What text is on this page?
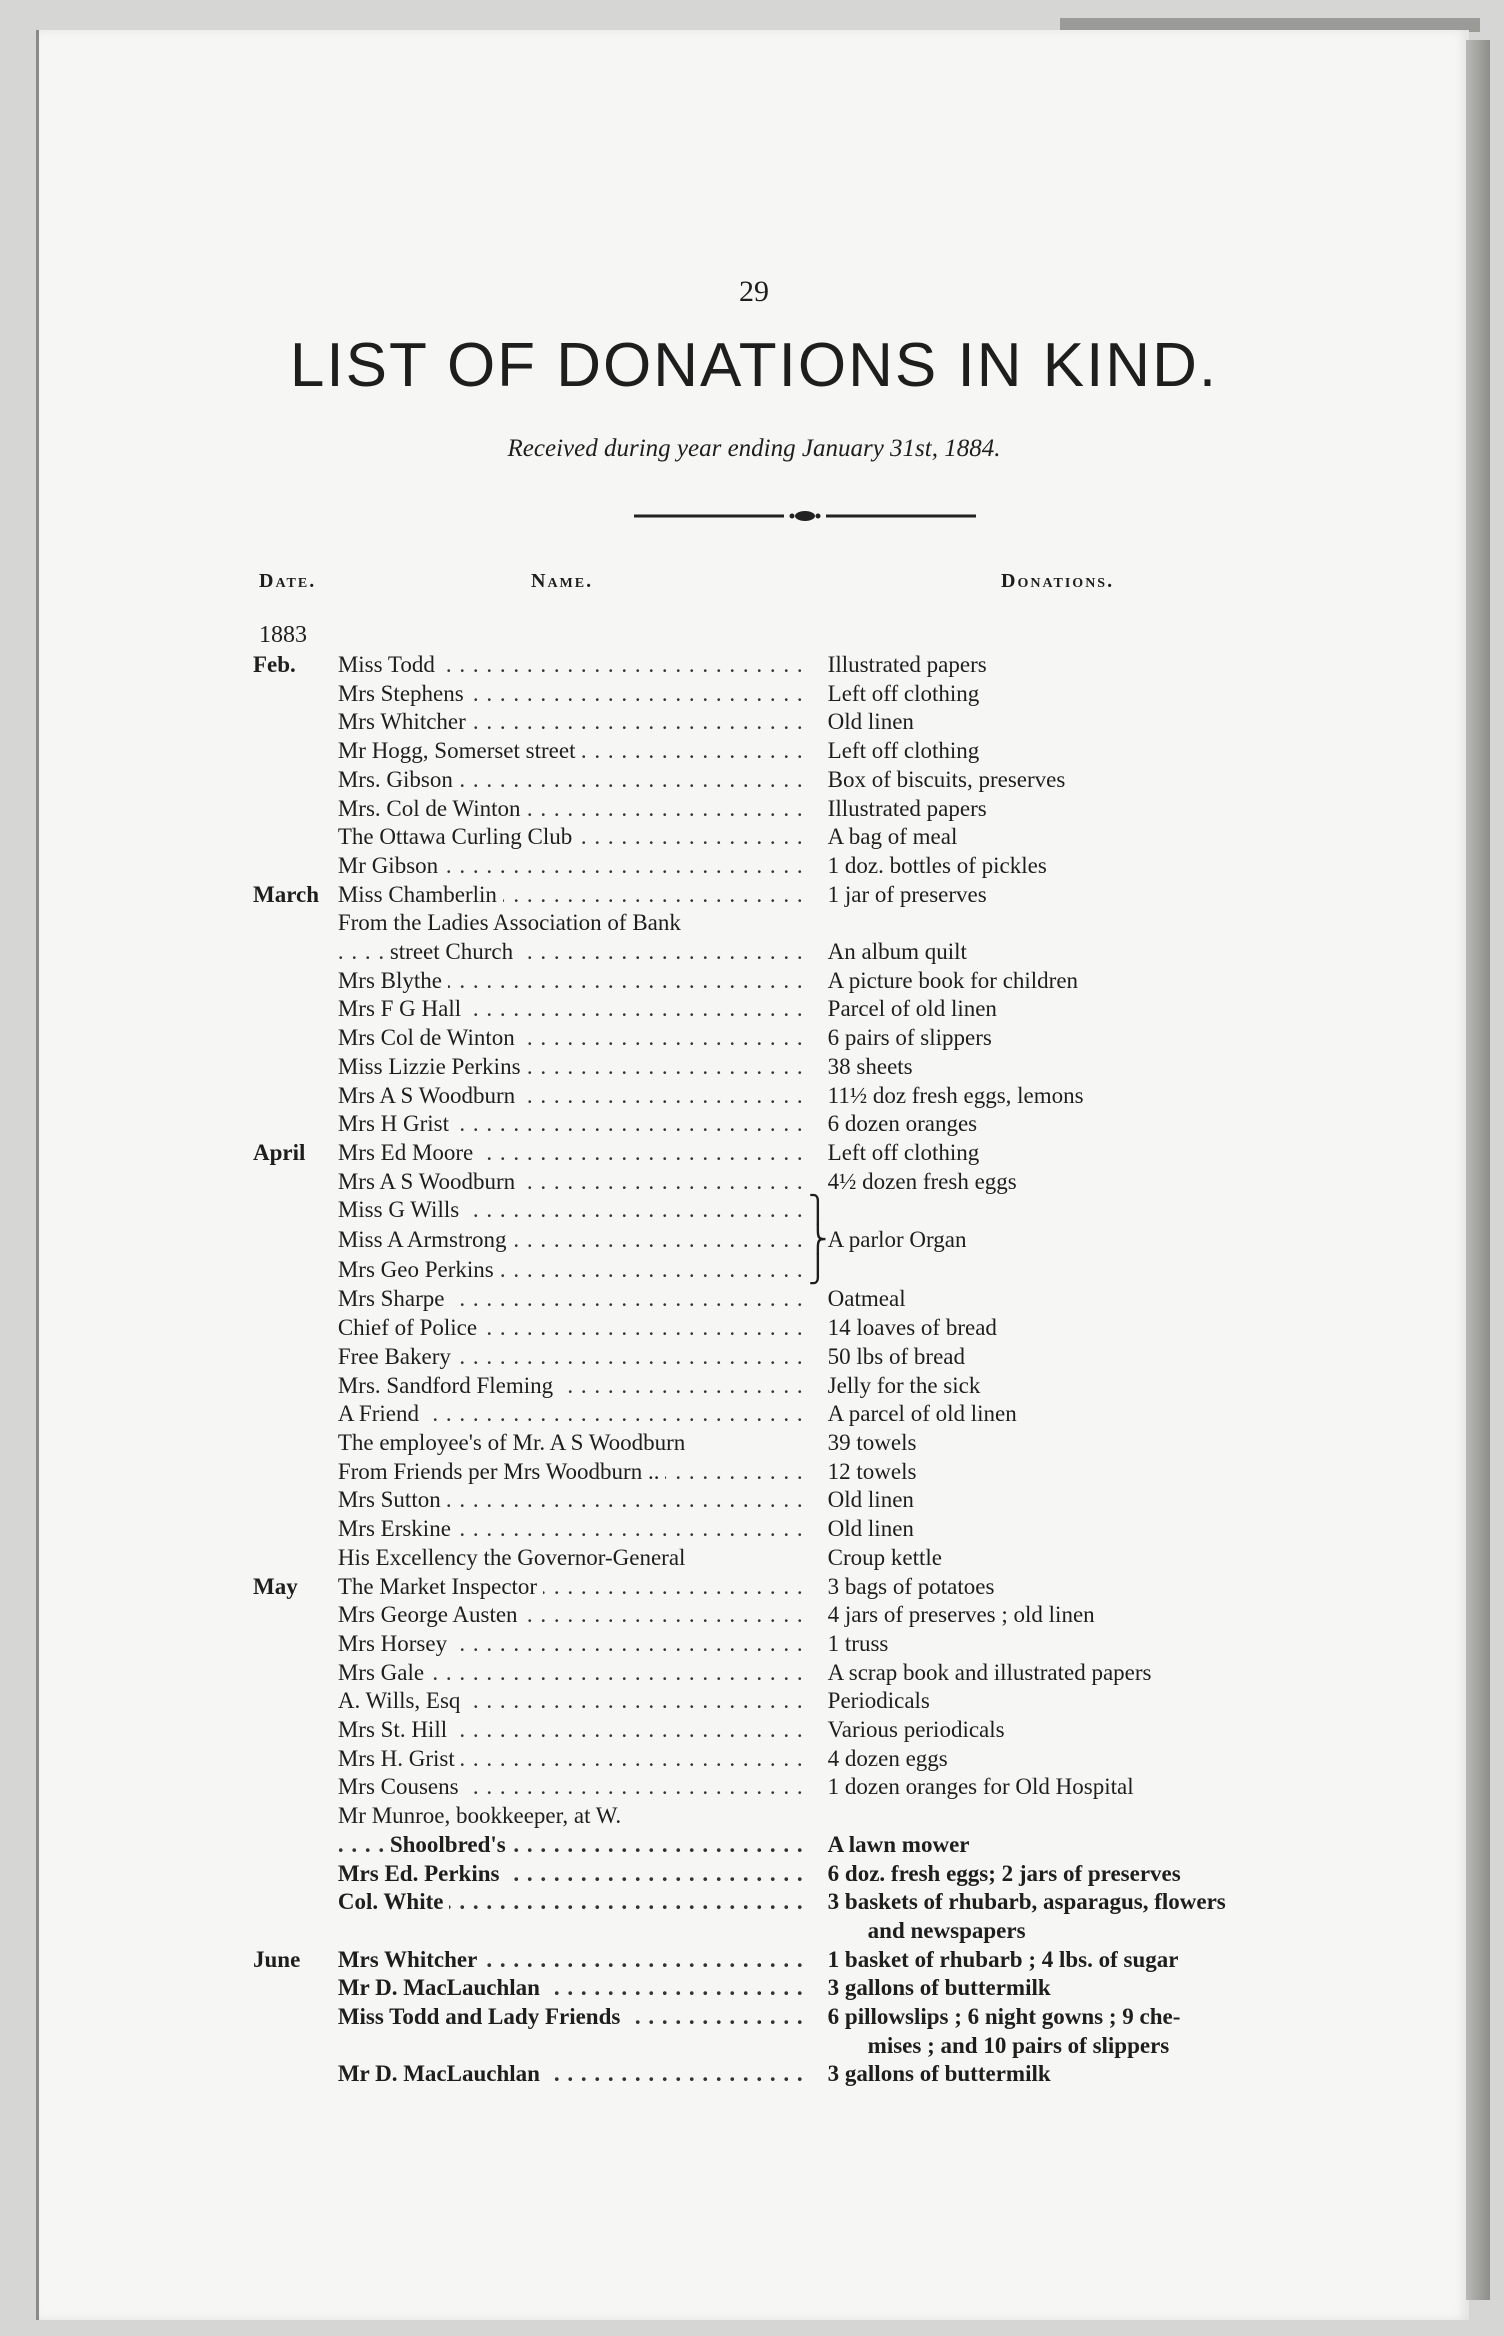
29
LIST OF DONATIONS IN KIND.
Received during year ending January 31st, 1884.
Date.	Name.	Donations.
1883
Feb.	Miss Todd . . .		Illustrated papers

	Mrs Stephens . . .		Left off clothing

	Mrs Whitcher . . .		Old linen

	Mr Hogg, Somerset street . . .		Left off clothing

	Mrs. Gibson . . .		Box of biscuits, preserves

	Mrs. Col de Winton . . .		Illustrated papers

	The Ottawa Curling Club . . .		A bag of meal

	Mr Gibson . . .		1 doz. bottles of pickles
March	Miss Chamberlin . . .		1 jar of preserves

	From the Ladies Association of Bank		

	street Church . . .		An album quilt

	Mrs Blythe . . .		A picture book for children

	Mrs F G Hall . . .		Parcel of old linen

	Mrs Col de Winton . . .		6 pairs of slippers

	Miss Lizzie Perkins . . .		38 sheets

	Mrs A S Woodburn . . .		11½ doz fresh eggs, lemons

	Mrs H Grist . . .		6 dozen oranges
April	Mrs Ed Moore . . .		Left off clothing

	Mrs A S Woodburn . . .		4½ dozen fresh eggs

	Miss G Wills . . .	⎫	

	Miss A Armstrong . . .	⎬	A parlor Organ

	Mrs Geo Perkins . . .	⎭	

	Mrs Sharpe . . .		Oatmeal

	Chief of Police . . .		14 loaves of bread

	Free Bakery . . .		50 lbs of bread

	Mrs. Sandford Fleming . . .		Jelly for the sick

	A Friend . . .		A parcel of old linen

	The employee's of Mr. A S Woodburn		39 towels

	From Friends per Mrs Woodburn .. . . .		12 towels

	Mrs Sutton . . .		Old linen

	Mrs Erskine . . .		Old linen

	His Excellency the Governor-General		Croup kettle
May	The Market Inspector . . .		3 bags of potatoes

	Mrs George Austen . . .		4 jars of preserves ; old linen

	Mrs Horsey . . .		1 truss

	Mrs Gale . . .		A scrap book and illustrated papers

	A. Wills, Esq . . .		Periodicals

	Mrs St. Hill . . .		Various periodicals

	Mrs H. Grist . . .		4 dozen eggs

	Mrs Cousens . . .		1 dozen oranges for Old Hospital

	Mr Munroe, bookkeeper, at W.		

	Shoolbred's . . .		A lawn mower

	Mrs Ed. Perkins . . .		6 doz. fresh eggs; 2 jars of preserves

	Col. White . . .		3 baskets of rhubarb, asparagus, flowers

		and newspapers
June	Mrs Whitcher . . .		1 basket of rhubarb ; 4 lbs. of sugar

	Mr D. MacLauchlan . . .		3 gallons of buttermilk

	Miss Todd and Lady Friends . . .		6 pillowslips ; 6 night gowns ; 9 che-

		mises ; and 10 pairs of slippers

	Mr D. MacLauchlan . . .		3 gallons of buttermilk
